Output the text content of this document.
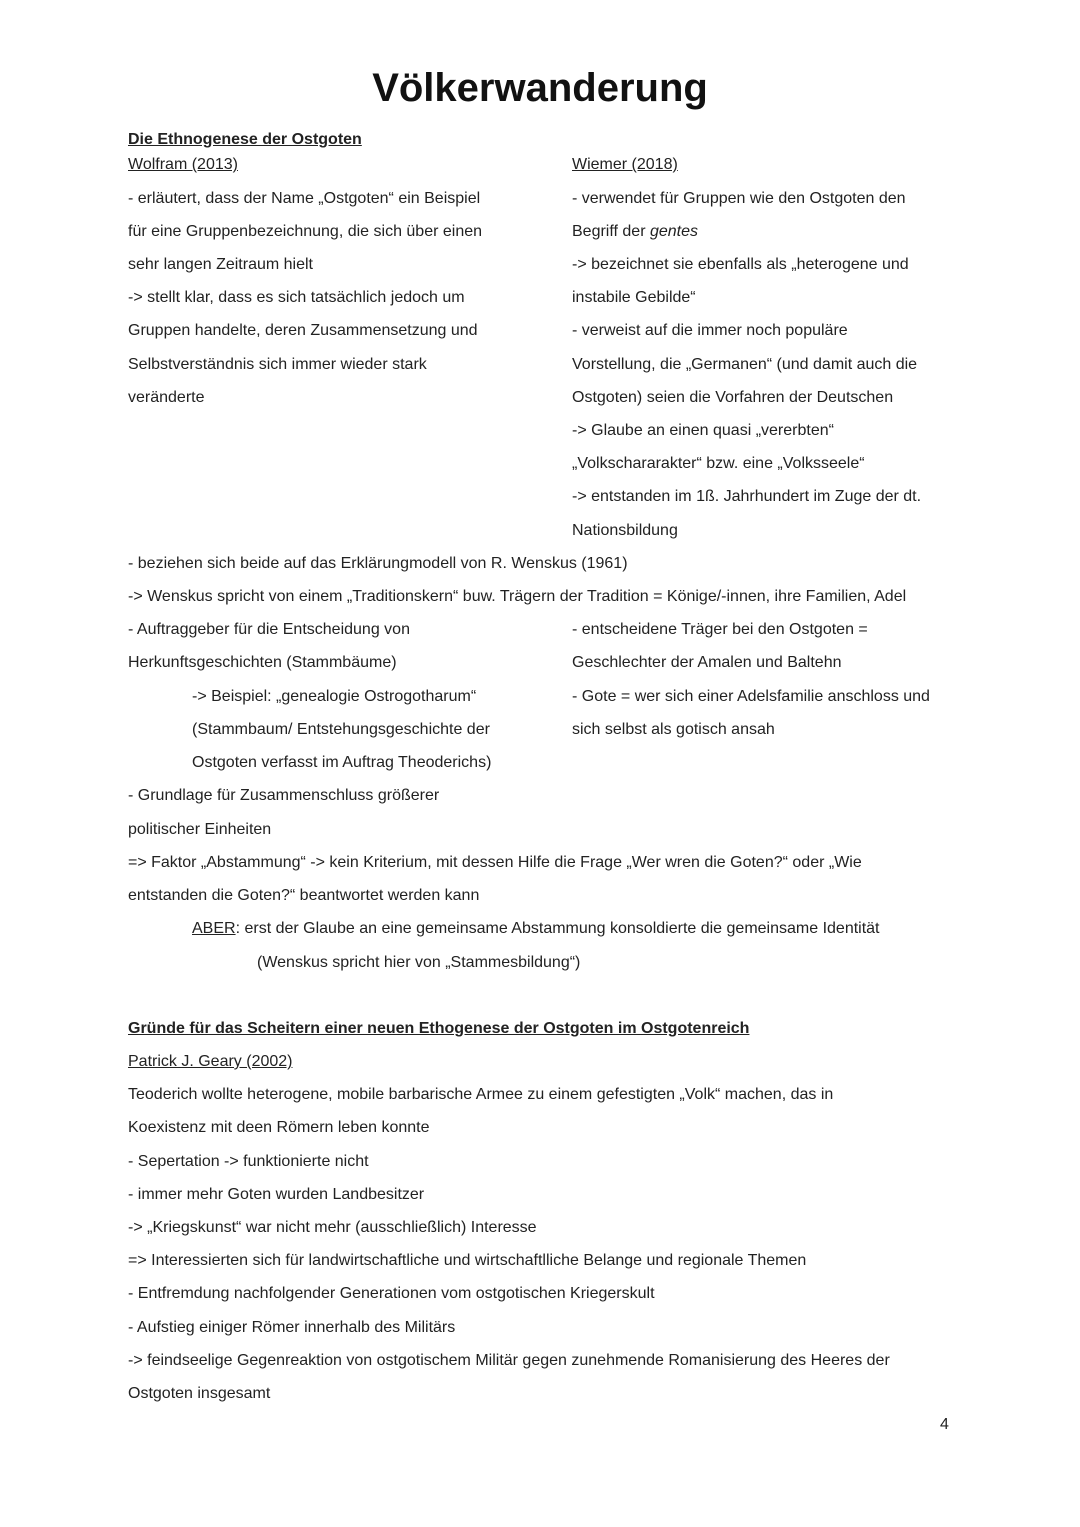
Völkerwanderung
Die Ethnogenese der Ostgoten
Wolfram (2013)	Wiemer (2018)
- erläutert, dass der Name „Ostgoten“ ein Beispiel
für eine Gruppenbezeichnung, die sich über einen
sehr langen Zeitraum hielt
-> stellt klar, dass es sich tatsächlich jedoch um
Gruppen handelte, deren Zusammensetzung und
Selbstverständnis sich immer wieder stark
veränderte
- verwendet für Gruppen wie den Ostgoten den
Begriff der gentes
-> bezeichnet sie ebenfalls als „heterogene und
instabile Gebilde“
- verweist auf die immer noch populäre
Vorstellung, die „Germanen“ (und damit auch die
Ostgoten) seien die Vorfahren der Deutschen
-> Glaube an einen quasi „vererbten“
„Volkschararakter“ bzw. eine „Volksseele“
-> entstanden im 1ß. Jahrhundert im Zuge der dt.
Nationsbildung
- beziehen sich beide auf das Erklärungmodell von R. Wenskus (1961)
-> Wenskus spricht von einem „Traditionskern“ buw. Trägern der Tradition = Könige/-innen, ihre Familien, Adel
- Auftraggeber für die Entscheidung von
Herkunftsgeschichten (Stammbäume)
-> Beispiel: „genealogie Ostrogotharum“
(Stammbaum/ Entstehungsgeschichte der
Ostgoten verfasst im Auftrag Theoderichs)
- Grundlage für Zusammenschluss größerer
politischer Einheiten
- entscheidene Träger bei den Ostgoten =
Geschlechter der Amalen und Baltehn
- Gote = wer sich einer Adelsfamilie anschloss und
sich selbst als gotisch ansah
=> Faktor „Abstammung“ -> kein Kriterium, mit dessen Hilfe die Frage „Wer wren die Goten?“ oder „Wie
entstanden die Goten?“ beantwortet werden kann
ABER: erst der Glaube an eine gemeinsame Abstammung konsoldierte die gemeinsame Identität
(Wenskus spricht hier von „Stammesbildung“)
Gründe für das Scheitern einer neuen Ethogenese der Ostgoten im Ostgotenreich
Patrick J. Geary (2002)
Teoderich wollte heterogene, mobile barbarische Armee zu einem gefestigten „Volk“ machen, das in
Koexistenz mit deen Römern leben konnte
- Sepertation -> funktionierte nicht
- immer mehr Goten wurden Landbesitzer
-> „Kriegskunst“ war nicht mehr (ausschließlich) Interesse
=> Interessierten sich für landwirtschaftliche und wirtschaftlliche Belange und regionale Themen
- Entfremdung nachfolgender Generationen vom ostgotischen Kriegerskult
- Aufstieg einiger Römer innerhalb des Militärs
-> feindseelige Gegenreaktion von ostgotischem Militär gegen zunehmende Romanisierung des Heeres der
Ostgoten insgesamt
4
